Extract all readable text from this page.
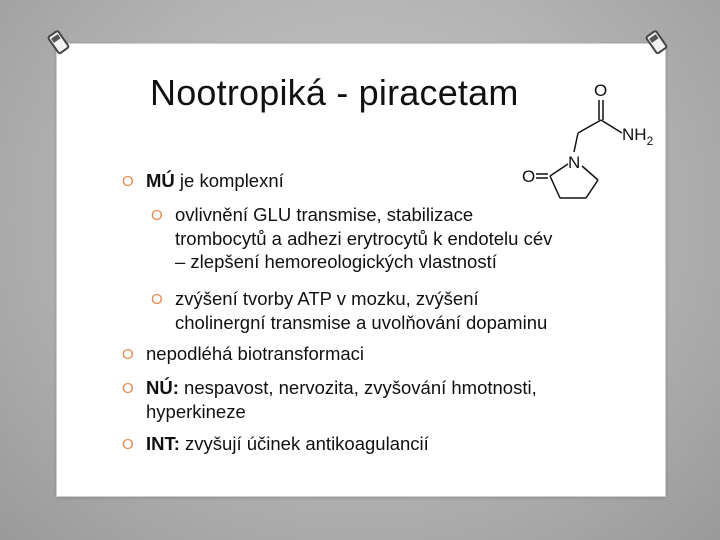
Nootropiká - piracetam	O
$NH_2$
N
O
O MÚ je komplexní
O ovlivnění GLU transmise, stabilizace
trombocytů a adhezi erytrocytů k endotelu cév
– zlepšení hemoreologických vlastností
O zvýšení tvorby ATP v mozku, zvýšení
cholinergní transmise a uvolňování dopaminu
O nepodléhá biotransformaci
O NÚ: nespavost, nervozita, zvyšování hmotnosti,
hyperkineze
O INT: zvyšují účinek antikoagulancií
